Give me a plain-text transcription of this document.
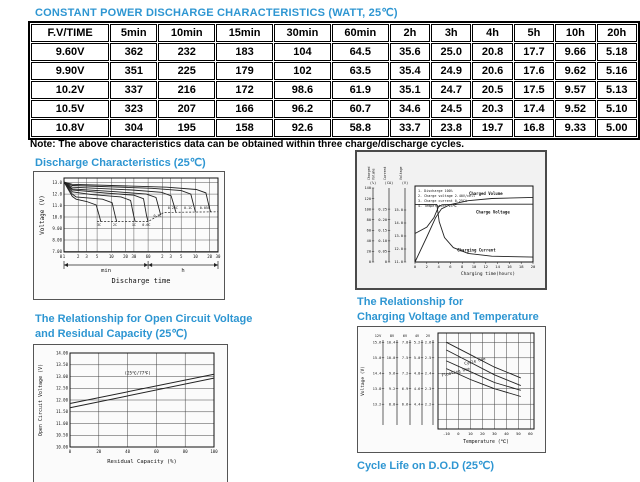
CONSTANT POWER DISCHARGE CHARACTERISTICS (WATT, 25℃)
F.V/TIME	5min	10min	15min	30min	60min	2h	3h	4h	5h	10h	20h
9.60V	362	232	183	104	64.5	35.6	25.0	20.8	17.7	9.66	5.18
9.90V	351	225	179	102	63.5	35.4	24.9	20.6	17.6	9.62	5.16
10.2V	337	216	172	98.6	61.9	35.1	24.7	20.5	17.5	9.57	5.13
10.5V	323	207	166	96.2	60.7	34.6	24.5	20.3	17.4	9.52	5.10
10.8V	304	195	158	92.6	58.8	33.7	23.8	19.7	16.8	9.33	5.00
Note: The above characteristics data can be obtained within three charge/discharge cycles.
Discharge Characteristics (25℃)
13.0
12.0
11.0
10.0
9.00
8.00
7.00
1	2 3 5	10 20 30 60	2 3 5	10 20 30
0
3C	2C	1C 0.6C
0.5C
0.25C 0.1C 0.05C
Voltage (V)
min	h
Discharge time
Charged Volume
(%)
140
120
100
80
60
40
20
0
Current
(CA)
0.25
0.20
0.15
0.10
0.05
0
Voltage
(V)
15.0
14.0
13.0
12.0
11.0
0	2	4	6	8 10 12 14 16 18 20
Charging time(hours)
1. Discharge 100%
2. Charge voltage 2.40V/cell
3. Charge current 0.25CA
4. Temperature 25℃
Charged Volume
Charge Voltage
Charging Current
The Relationship for Open Circuit Voltage
and Residual Capacity (25℃)
14.00
13.50
13.00
12.50
12.00
11.50
11.00
10.50
10.00
0	20	40	60	80	100
(25℃/77℉)
Open Circuit Voltage (V)
Residual Capacity (%)
The Relationship for
Charging Voltage and Temperature
-10 0 10 20 30 40 50 60
12V
15.6
15.0
14.4
13.8
13.2
8V
10.4
10.0
9.6
9.2
8.8
6V
7.8
7.5
7.2
6.9
6.6
4V
5.2
5.0
4.8
4.6
4.4
2V
2.6
2.5
2.4
2.3
2.2
Cycle Use
Floating Use
Voltage (V)
Temperature (℃)
Cycle Life on D.O.D (25℃)
